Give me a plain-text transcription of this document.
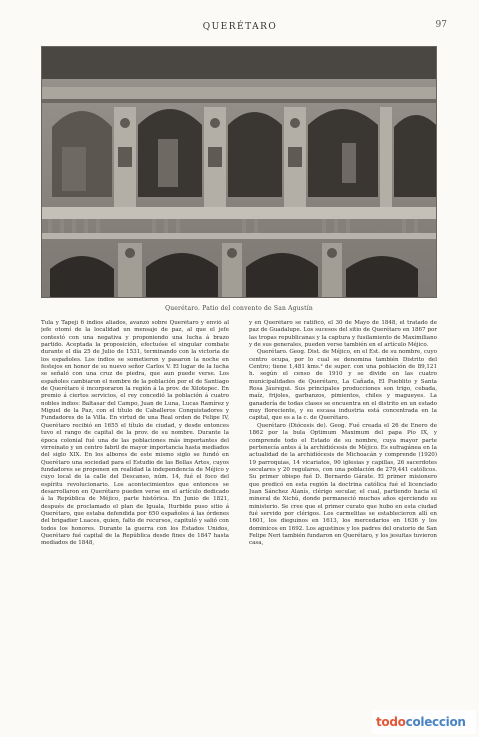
QUERÉTARO	97
Querétaro. Patio del convento de San Agustín

Tula y Tapejí 6 indios aliados, avanzó sobre Querétaro y envió al jefe otomí de la localidad un mensaje de paz, al que el jefe contestó con una negativa y proponiendo una lucha á brazo partido. Aceptada la proposición, efectuóse el singular combate durante el día 25 de Julio de 1531, terminando con la victoria de los españoles. Los indios se sometieron y pasaron la noche en festejos en honor de su nuevo señor Carlos V. El lugar de la lucha se señaló con una cruz de piedra, que aun puede verse. Los españoles cambiaron el nombre de la población por el de Santiago de Querétaro é incorporaron la región á la prov. de Xilotepec. En premio á ciertos servicios, el rey concedió la población á cuatro nobles indios: Baltasar del Campo, Juan de Luna, Lucas Ramírez y Miguel de la Paz, con el título de Caballeros Conquistadores y Fundadores de la Villa. En virtud de una Real orden de Felipe IV, Querétaro recibió en 1655 el título de ciudad, y desde entonces tuvo el rango de capital de la prov. de su nombre. Durante la época colonial fué una de las poblaciones más importantes del virreinato y un centro fabril de mayor importancia hasta mediados del siglo XIX. En los albores de este mismo siglo se fundó en Querétaro una sociedad para el Estudio de las Bellas Artes, cuyos fundadores se proponen en realidad la independencia de Méjico y cuyo local de la calle del Descanso, núm. 14, fué el foco del espíritu revolucionario. Los acontecimientos que entonces se desarrollaron en Querétaro pueden verse en el artículo dedicado á la República de Méjico, parte histórica. En Junio de 1821, después de proclamado el plan de Iguala, Iturbide puso sitio á Querétaro, que estaba defendida por 650 españoles á las órdenes del brigadier Luaces, quien, falto de recursos, capituló y salió con todos los honores. Durante la guerra con los Estados Unidos, Querétaro fué capital de la República desde fines de 1847 hasta mediados de 1848,

y en Querétaro se ratificó, el 30 de Mayo de 1848, el tratado de paz de Guadalupe. Los sucesos del sitio de Querétaro en 1867 por las tropas republicanas y la captura y fusilamiento de Maximiliano y de sus generales, pueden verse también en el artículo Méjico.

Querétaro. Geog. Dist. de Méjico, en el Est. de su nombre, cuyo centro ocupa, por lo cual se denomina también Distrito del Centro; tiene 1,481 kms.² de super. con una población de 89,121 h. según el censo de 1910 y se divide en las cuatro municipalidades de Querétaro, La Cañada, El Pueblito y Santa Rosa Jáuregui. Sus principales producciones son trigo, cebada, maíz, frijoles, garbanzos, pimientos, chiles y magueyes. La ganadería de todas clases se encuentra en el distrito en un estado muy floreciente, y su escasa industria está concentrada en la capital, que es a la c. de Querétaro.

Querétaro (Diócesis de). Geog. Fué creada el 26 de Enero de 1862 por la bula Optimum Maximum del papa Pío IX, y comprende todo el Estado de su nombre, cuya mayor parte pertenecía antes á la archidiócesis de Méjico. Es sufragánea en la actualidad de la archidiócesis de Michoacán y comprende (1920) 19 parroquias, 14 vicariatos, 90 iglesias y capillas, 26 sacerdotes seculares y 20 regulares, con una población de 279,441 católicos. Su primer obispo fué D. Bernardo Gárate. El primer misionero que predicó en esta región la doctrina católica fué el licenciado Juan Sánchez Alanís, clérigo secular, el cual, partiendo hacia el mineral de Xichú, donde permaneció muchos años ejerciendo su ministerio. Se cree que el primer curato que hubo en esta ciudad fué servido por clérigos. Los carmelitas se establecieron allí en 1601, los dieguinos en 1613, los mercedarios en 1636 y los dominicos en 1692. Los agustinos y los padres del oratorio de San Felipe Neri también fundaron en Querétaro, y los jesuitas tuvieron casa,

todocoleccion
